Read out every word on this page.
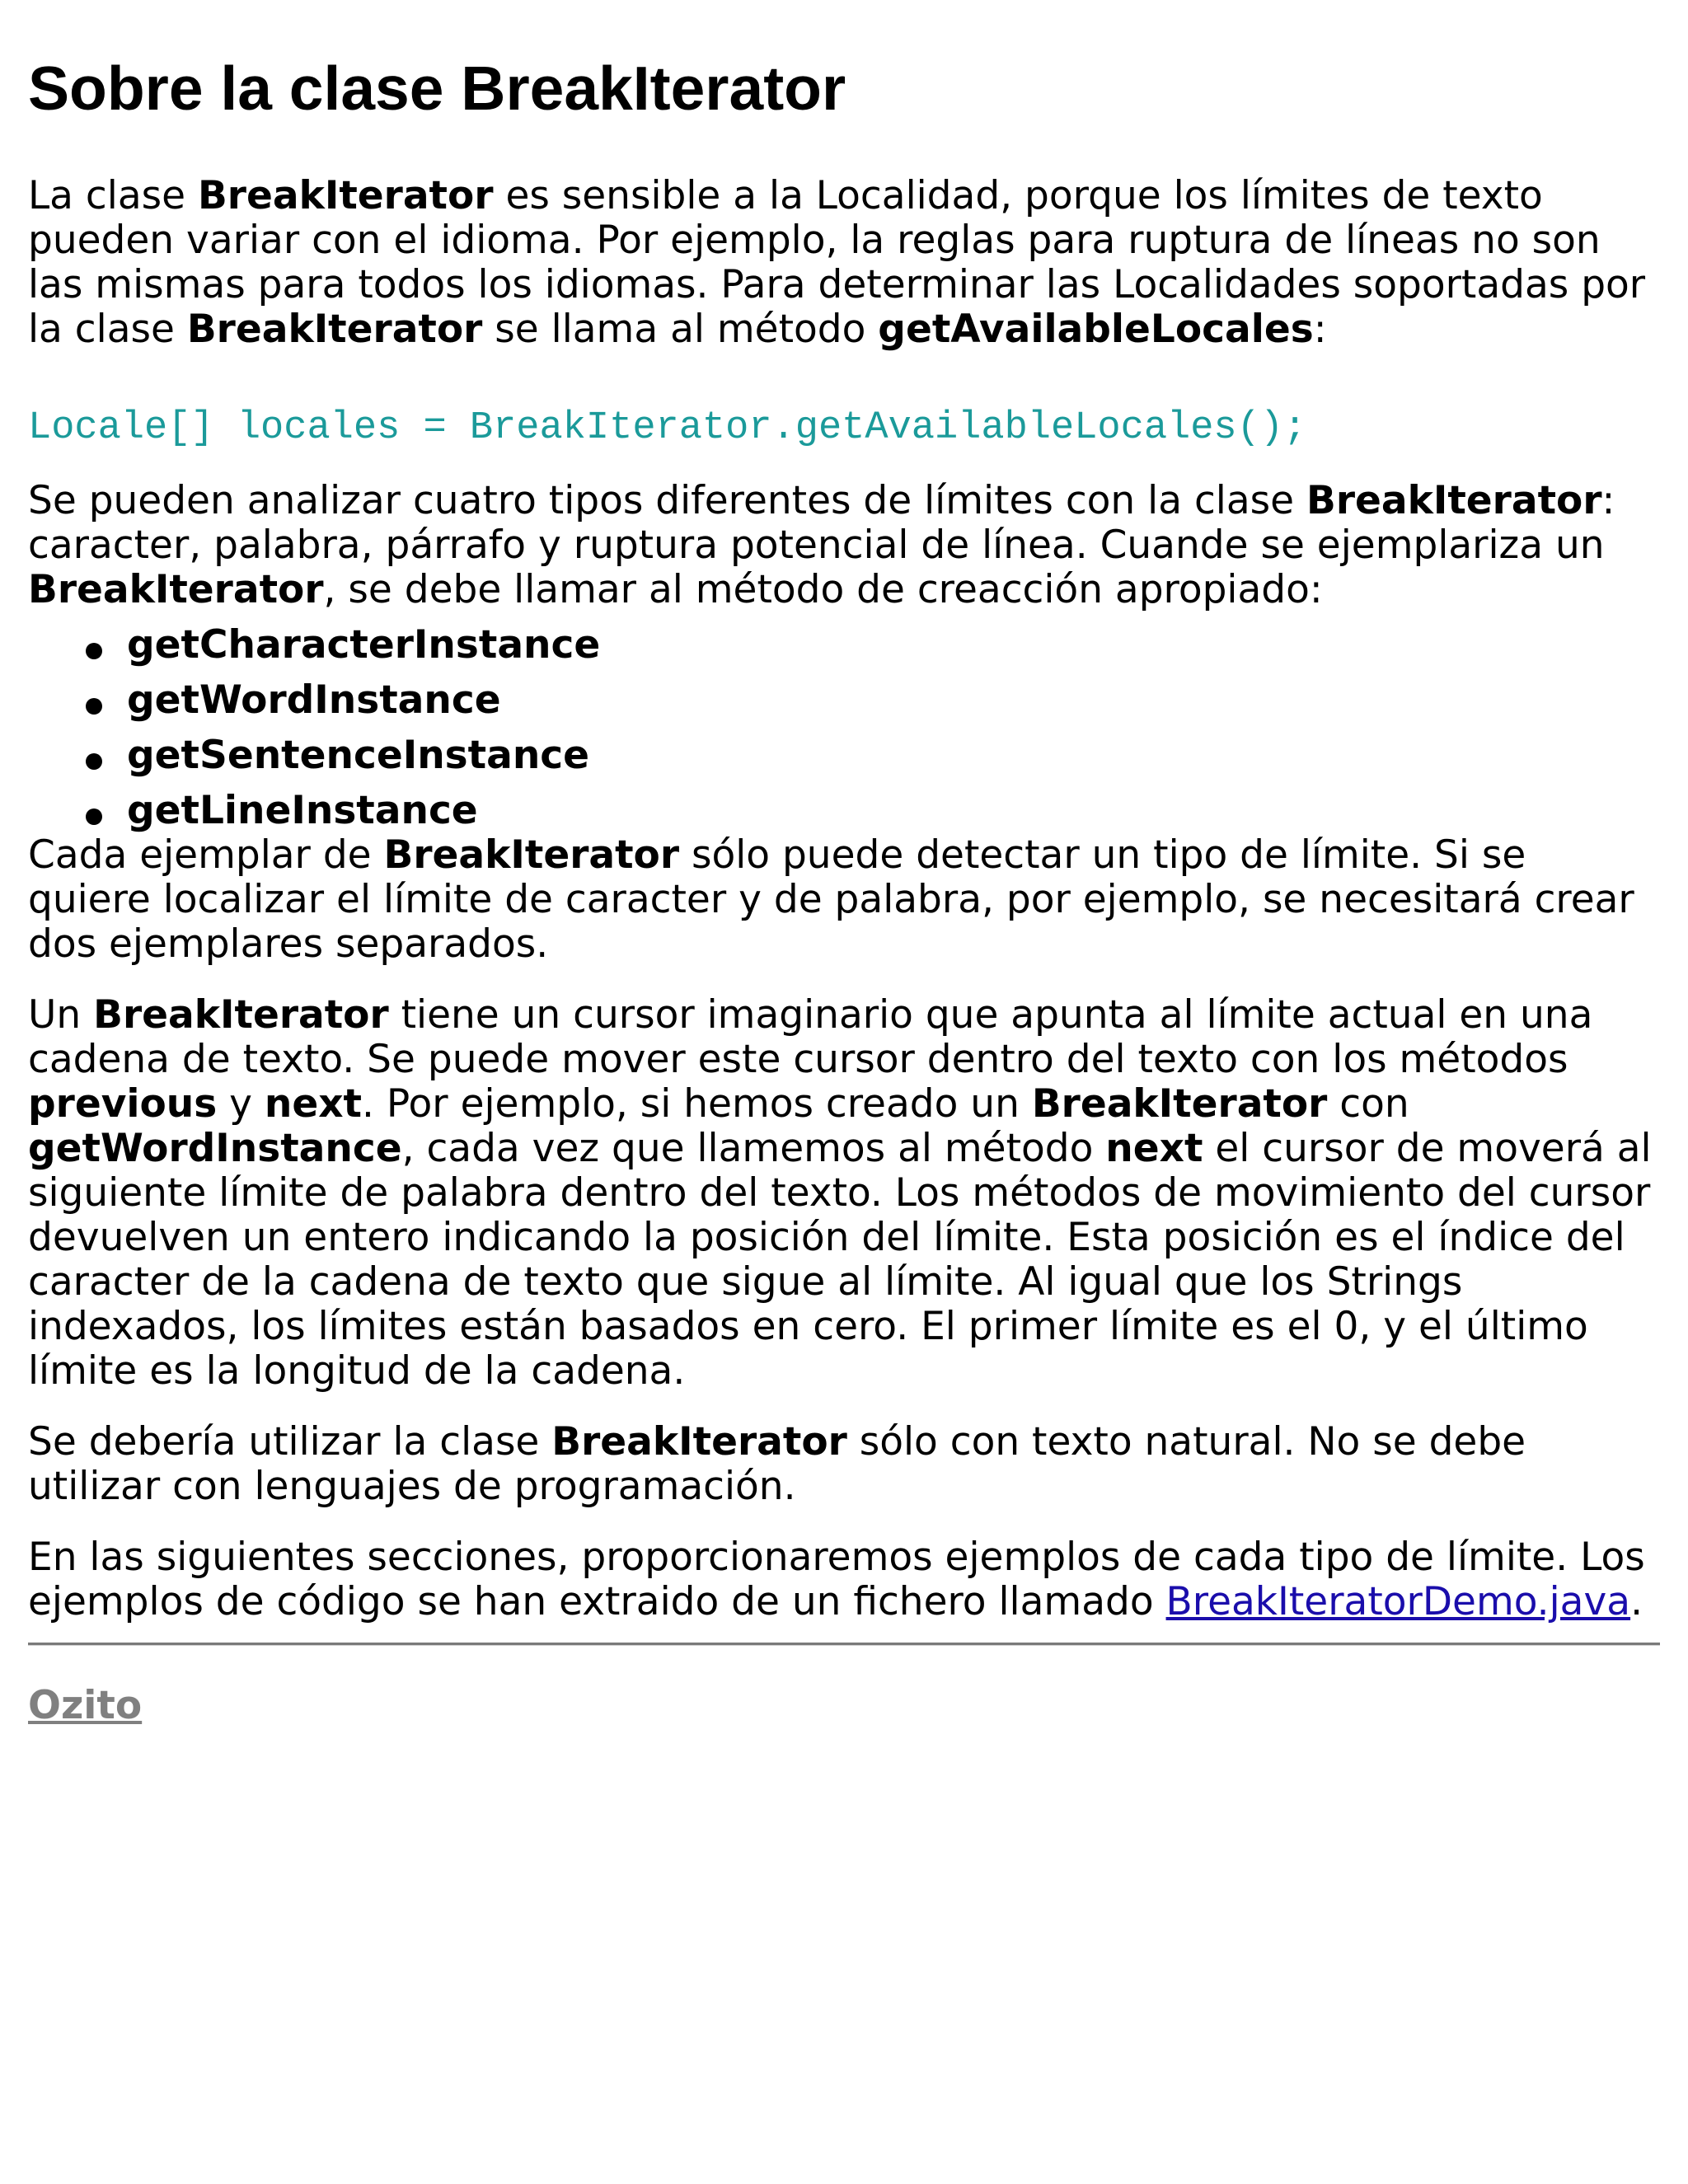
Sobre la clase BreakIterator

La clase BreakIterator es sensible a la Localidad, porque los límites de texto pueden variar con el idioma. Por ejemplo, la reglas para ruptura de líneas no son las mismas para todos los idiomas. Para determinar las Localidades soportadas por la clase BreakIterator se llama al método getAvailableLocales:

Locale[] locales = BreakIterator.getAvailableLocales();

Se pueden analizar cuatro tipos diferentes de límites con la clase BreakIterator: caracter, palabra, párrafo y ruptura potencial de línea. Cuande se ejemplariza un BreakIterator, se debe llamar al método de creacción apropiado:

getCharacterInstance
getWordInstance
getSentenceInstance
getLineInstance

Cada ejemplar de BreakIterator sólo puede detectar un tipo de límite. Si se quiere localizar el límite de caracter y de palabra, por ejemplo, se necesitará crear dos ejemplares separados.

Un BreakIterator tiene un cursor imaginario que apunta al límite actual en una cadena de texto. Se puede mover este cursor dentro del texto con los métodos previous y next. Por ejemplo, si hemos creado un BreakIterator con getWordInstance, cada vez que llamemos al método next el cursor de moverá al siguiente límite de palabra dentro del texto. Los métodos de movimiento del cursor devuelven un entero indicando la posición del límite. Esta posición es el índice del caracter de la cadena de texto que sigue al límite. Al igual que los Strings indexados, los límites están basados en cero. El primer límite es el 0, y el último límite es la longitud de la cadena.

Se debería utilizar la clase BreakIterator sólo con texto natural. No se debe utilizar con lenguajes de programación.

En las siguientes secciones, proporcionaremos ejemplos de cada tipo de límite. Los ejemplos de código se han extraido de un fichero llamado BreakIteratorDemo.java.

Ozito
